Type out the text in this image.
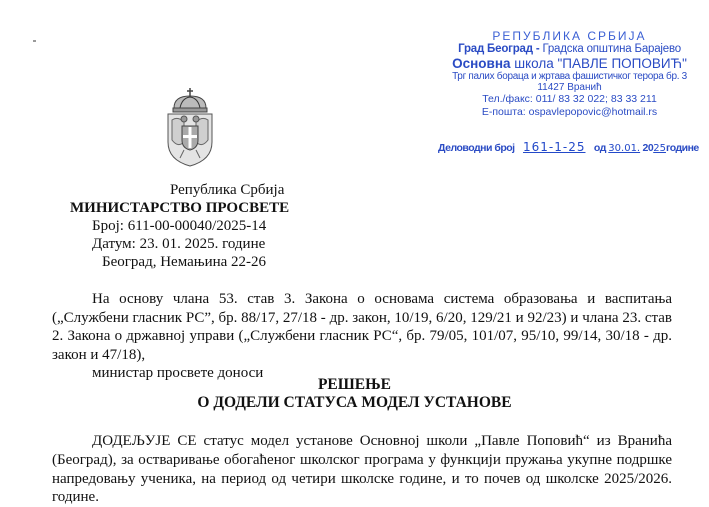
РЕПУБЛИКА СРБИЈА
Град Београд - Градска општина Барајево
Основна школа "ПАВЛЕ ПОПОВИЋ"
Трг палих бораца и жртава фашистичког терора бр. 3
11427 Вранић
Тел./факс: 011/ 83 32 022; 83 33 211
E-пошта: ospavlepopovic@hotmail.rs
Деловодни број 161-1-25 од 30.01. 2025године
Република Србија
МИНИСТАРСТВО ПРОСВЕТЕ
Број: 611-00-00040/2025-14
Датум: 23. 01. 2025. године
Београд, Немањина 22-26

На основу члана 53. став 3. Закона о основама система образовања и васпитања („Службени гласник РС”, бр. 88/17, 27/18 - др. закон, 10/19, 6/20, 129/21 и 92/23) и члана 23. став 2. Закона о државној управи („Службени гласник РС“, бр. 79/05, 101/07, 95/10, 99/14, 30/18 - др. закон и 47/18),

министар просвете доноси

РЕШЕЊЕ
О ДОДЕЛИ СТАТУСА МОДЕЛ УСТАНОВЕ

ДОДЕЉУЈЕ СЕ статус модел установе Основној школи „Павле Поповић“ из Вранића (Београд), за остваривање обогаћеног школског програма у функцији пружања укупне подршке напредовању ученика, на период од четири школске године, и то почев од школске 2025/2026. године.
